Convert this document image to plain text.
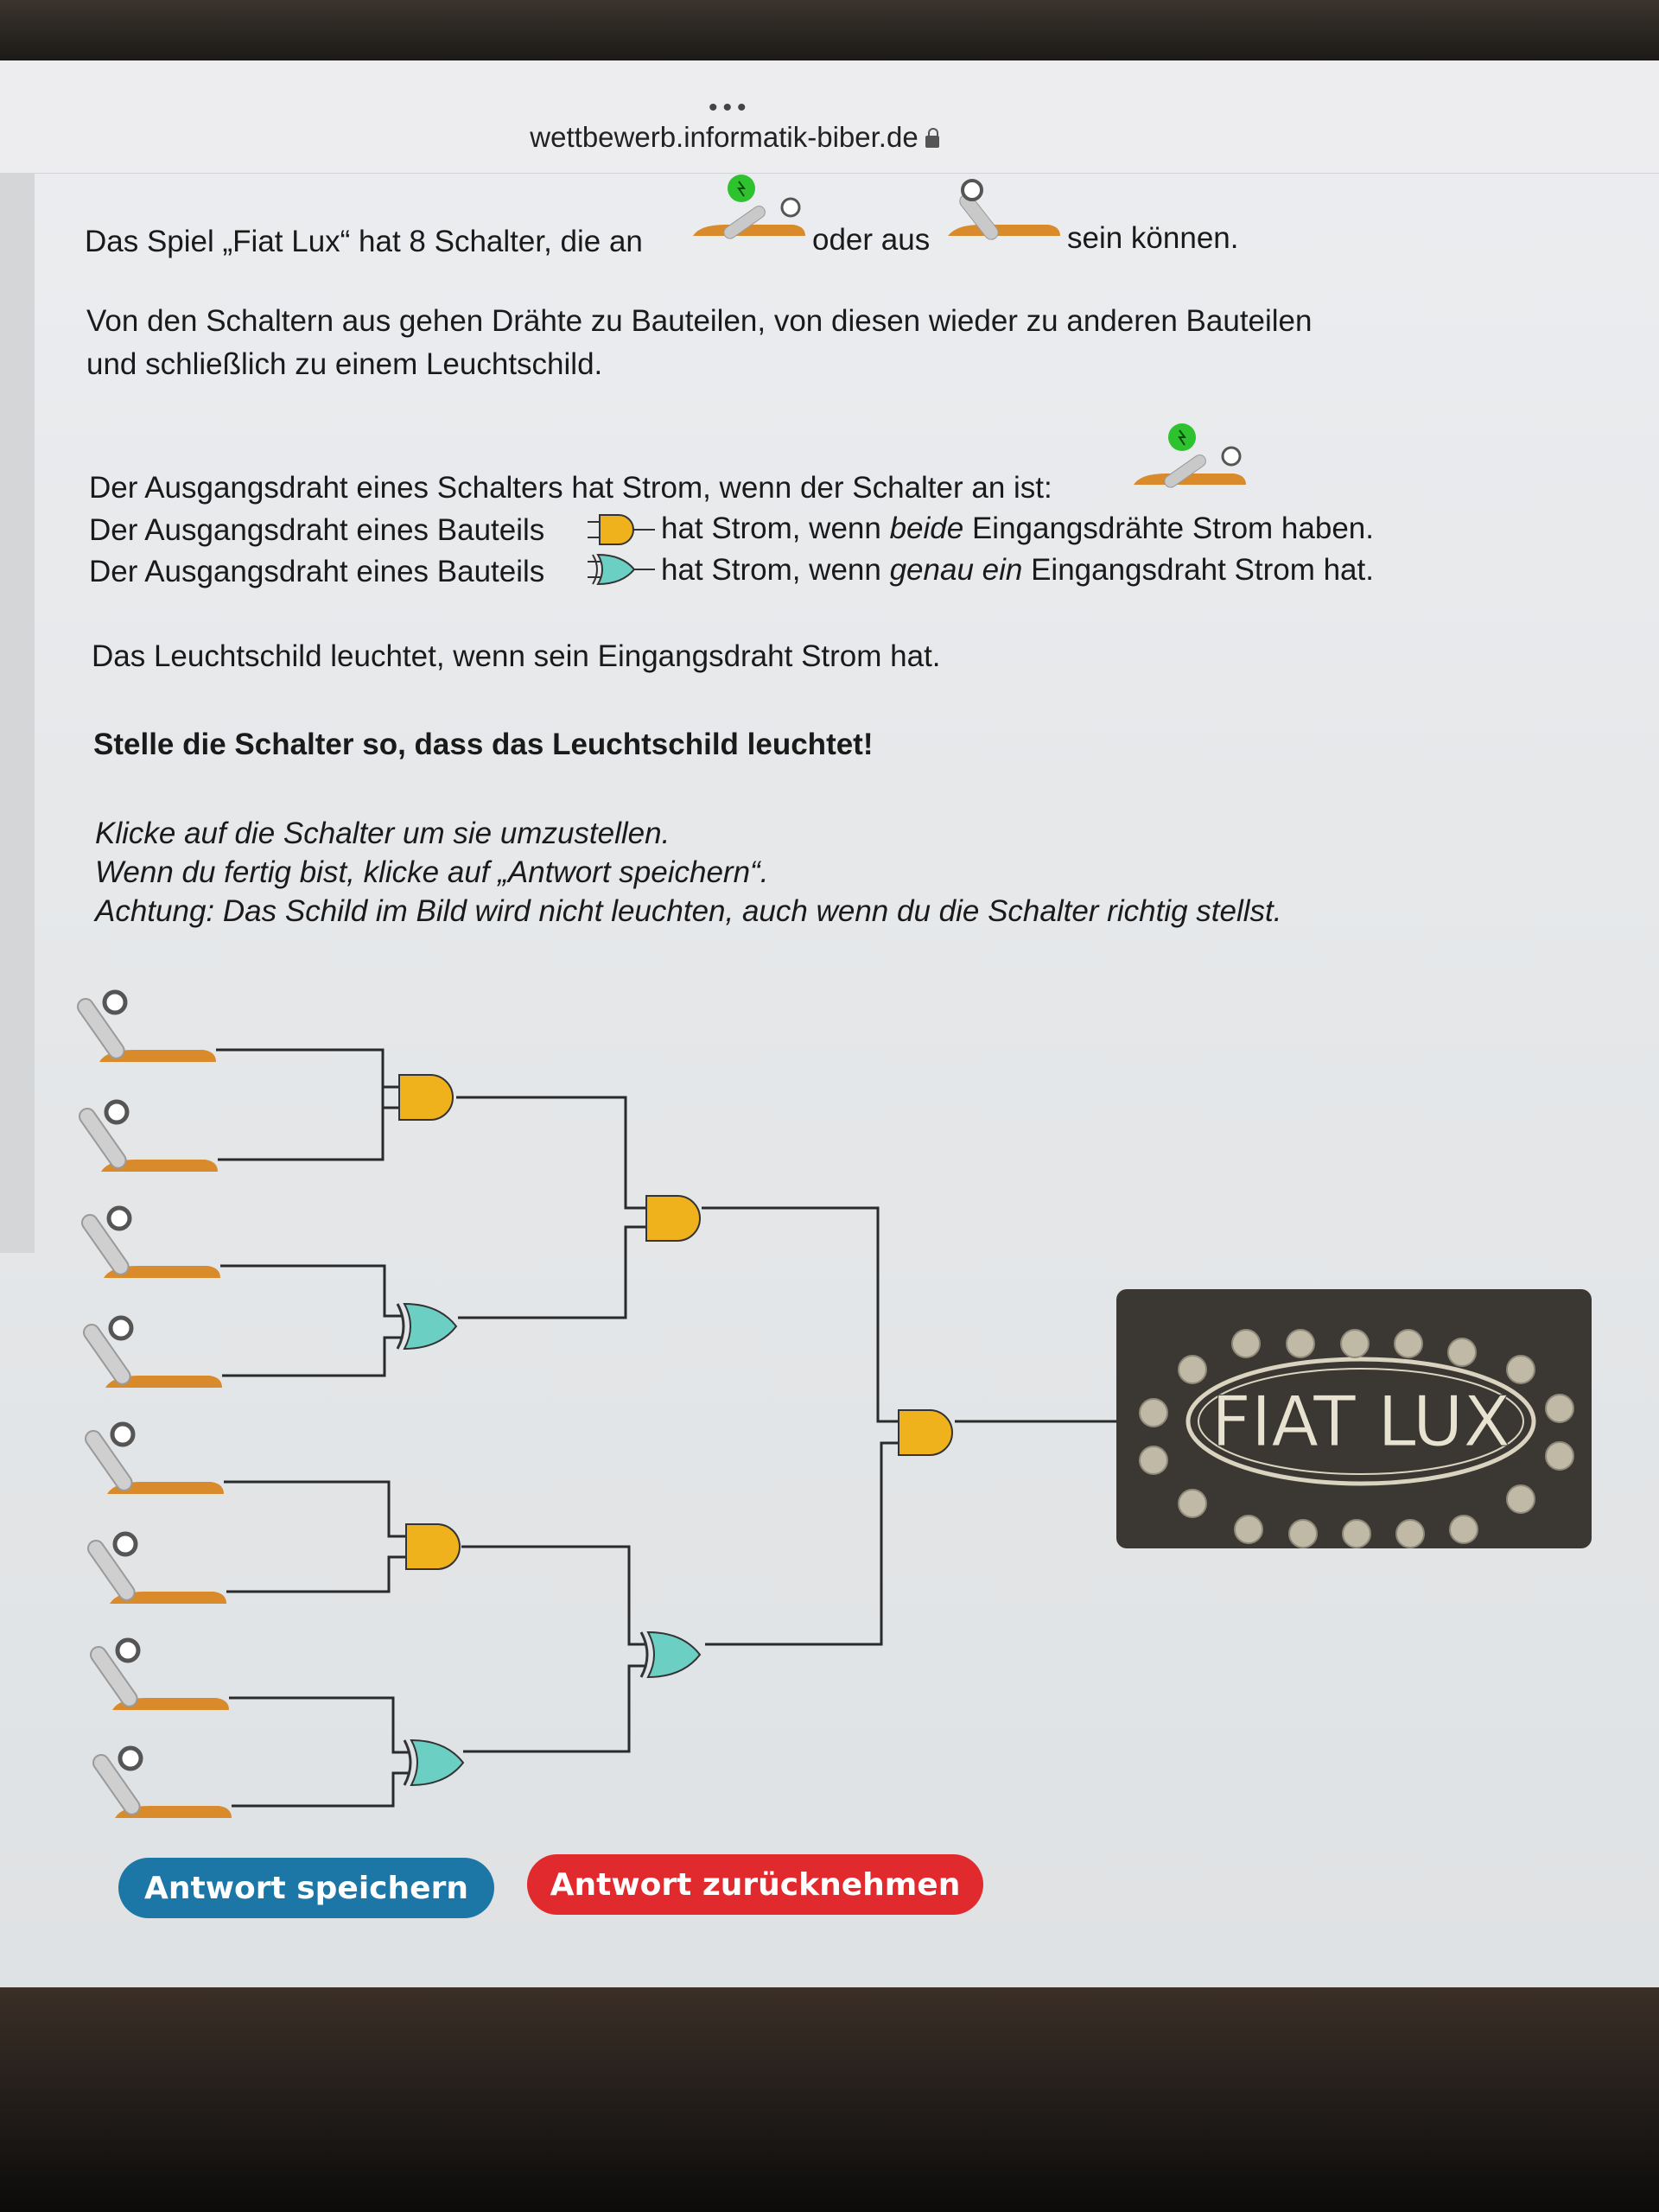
•••
wettbewerb.informatik-biber.de
Das Spiel „Fiat Lux“ hat 8 Schalter, die an	oder aus	sein können.
Von den Schaltern aus gehen Drähte zu Bauteilen, von diesen wieder zu anderen Bauteilen
und schließlich zu einem Leuchtschild.
Der Ausgangsdraht eines Schalters hat Strom, wenn der Schalter an ist:
Der Ausgangsdraht eines Bauteils	hat Strom, wenn beide Eingangsdrähte Strom haben.
Der Ausgangsdraht eines Bauteils	hat Strom, wenn genau ein Eingangsdraht Strom hat.
Das Leuchtschild leuchtet, wenn sein Eingangsdraht Strom hat.
Stelle die Schalter so, dass das Leuchtschild leuchtet!
Klicke auf die Schalter um sie umzustellen.
Wenn du fertig bist, klicke auf „Antwort speichern“.
Achtung: Das Schild im Bild wird nicht leuchten, auch wenn du die Schalter richtig stellst.
FIAT LUX
Antwort speichern	Antwort zurücknehmen
